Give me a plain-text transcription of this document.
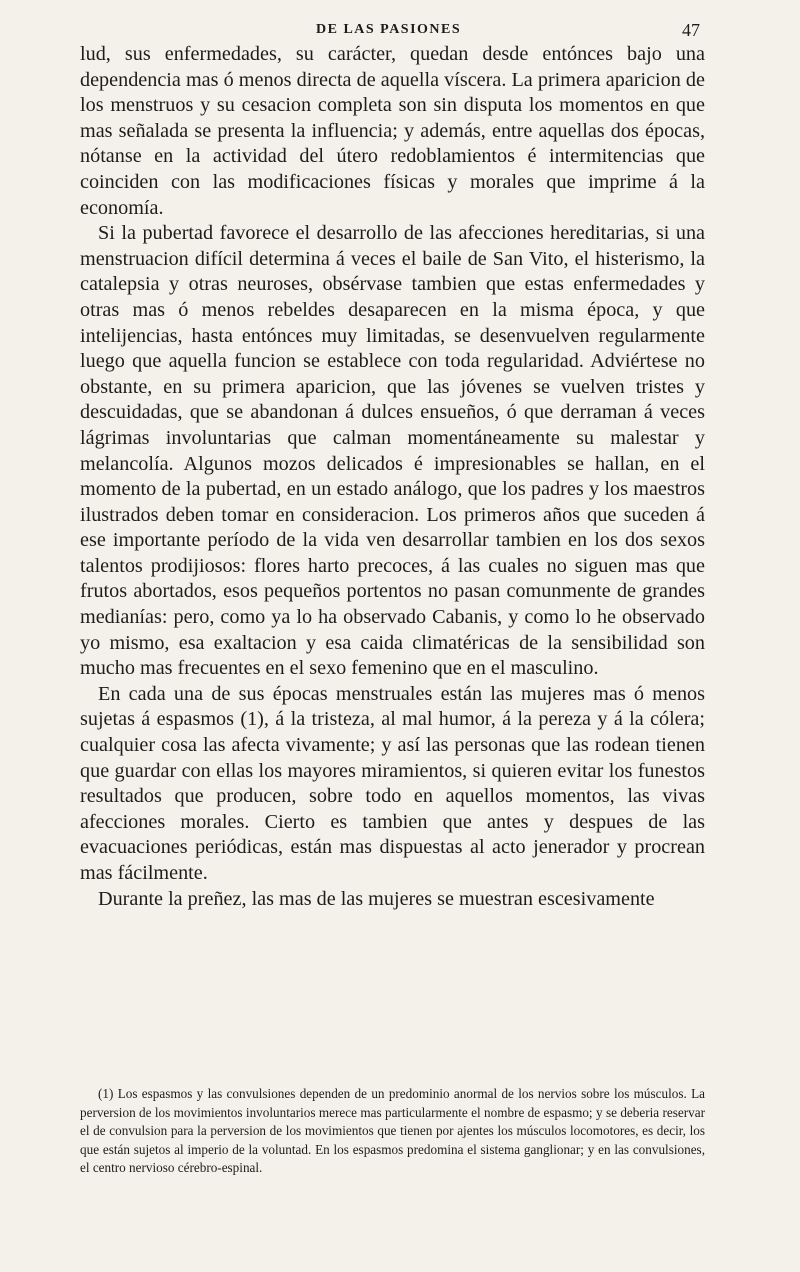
DE LAS PASIONES	47

lud, sus enfermedades, su carácter, quedan desde entónces bajo una dependencia mas ó menos directa de aquella víscera. La primera aparicion de los menstruos y su cesacion completa son sin disputa los momentos en que mas señalada se presenta la influencia; y además, entre aquellas dos épocas, nótanse en la actividad del útero redoblamientos é intermitencias que coinciden con las modificaciones físicas y morales que imprime á la economía.

Si la pubertad favorece el desarrollo de las afecciones hereditarias, si una menstruacion difícil determina á veces el baile de San Vito, el histerismo, la catalepsia y otras neuroses, obsérvase tambien que estas enfermedades y otras mas ó menos rebeldes desaparecen en la misma época, y que intelijencias, hasta entónces muy limitadas, se desenvuelven regularmente luego que aquella funcion se establece con toda regularidad. Adviértese no obstante, en su primera aparicion, que las jóvenes se vuelven tristes y descuidadas, que se abandonan á dulces ensueños, ó que derraman á veces lágrimas involuntarias que calman momentáneamente su malestar y melancolía. Algunos mozos delicados é impresionables se hallan, en el momento de la pubertad, en un estado análogo, que los padres y los maestros ilustrados deben tomar en consideracion. Los primeros años que suceden á ese importante período de la vida ven desarrollar tambien en los dos sexos talentos prodijiosos: flores harto precoces, á las cuales no siguen mas que frutos abortados, esos pequeños portentos no pasan comunmente de grandes medianías: pero, como ya lo ha observado Cabanis, y como lo he observado yo mismo, esa exaltacion y esa caida climatéricas de la sensibilidad son mucho mas frecuentes en el sexo femenino que en el masculino.

En cada una de sus épocas menstruales están las mujeres mas ó menos sujetas á espasmos (1), á la tristeza, al mal humor, á la pereza y á la cólera; cualquier cosa las afecta vivamente; y así las personas que las rodean tienen que guardar con ellas los mayores miramientos, si quieren evitar los funestos resultados que producen, sobre todo en aquellos momentos, las vivas afecciones morales. Cierto es tambien que antes y despues de las evacuaciones periódicas, están mas dispuestas al acto jenerador y procrean mas fácilmente.

Durante la preñez, las mas de las mujeres se muestran escesivamente

(1) Los espasmos y las convulsiones dependen de un predominio anormal de los nervios sobre los músculos. La perversion de los movimientos involuntarios merece mas particularmente el nombre de espasmo; y se deberia reservar el de convulsion para la perversion de los movimientos que tienen por ajentes los músculos locomotores, es decir, los que están sujetos al imperio de la voluntad. En los espasmos predomina el sistema ganglionar; y en las convulsiones, el centro nervioso cérebro-espinal.
